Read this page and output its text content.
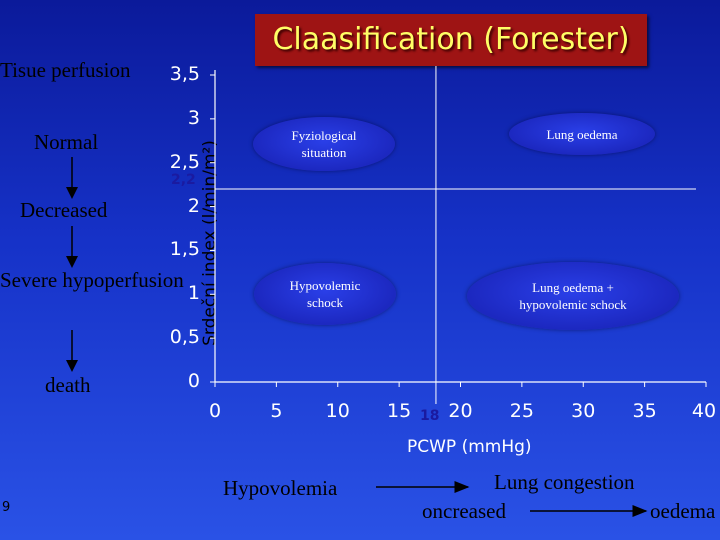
Claasification (Forester)
Tisue perfusion
Normal
Decreased
Severe hypoperfusion
death
Srdeční index (l/min/m²)
0
0,5
1
1,5
2
2,5
3
3,5
0	5 10 15 20 25 30 35 40
PCWP (mmHg)
2,2
18
Fyziological situation
Lung oedema
Hypovolemic schock
Lung oedema + hypovolemic schock
Hypovolemia	Lung congestion
oncreased	oedema
9
